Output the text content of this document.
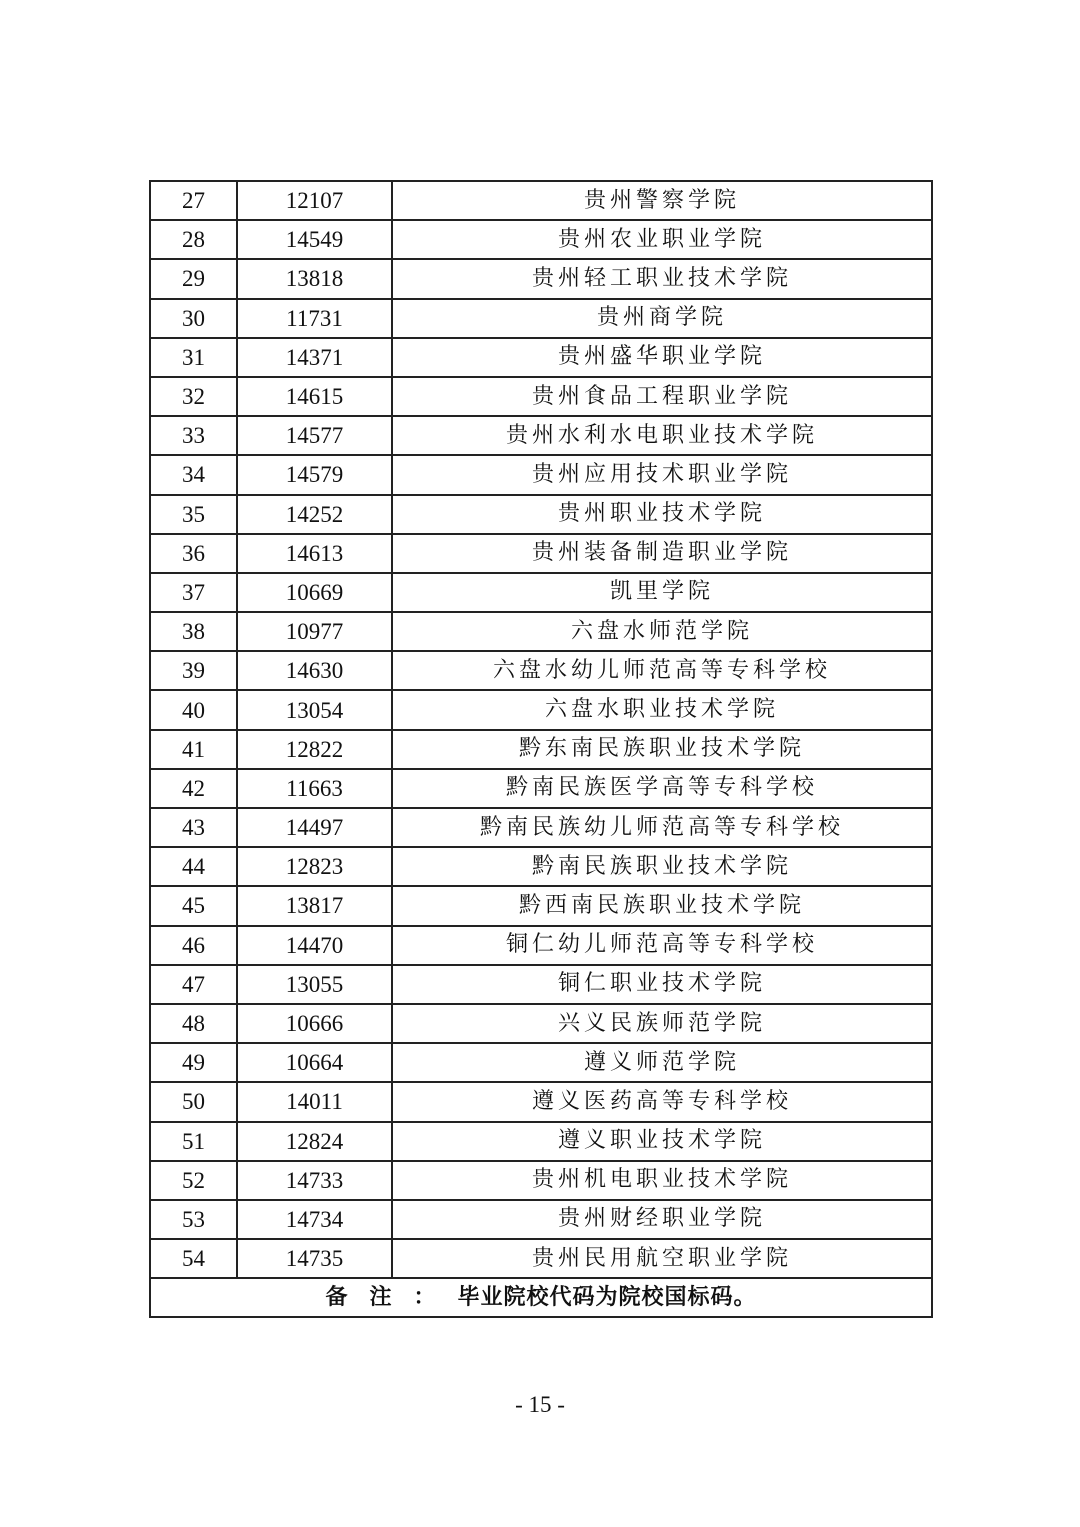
27	12107	贵州警察学院
28	14549	贵州农业职业学院
29	13818	贵州轻工职业技术学院
30	11731	贵州商学院
31	14371	贵州盛华职业学院
32	14615	贵州食品工程职业学院
33	14577	贵州水利水电职业技术学院
34	14579	贵州应用技术职业学院
35	14252	贵州职业技术学院
36	14613	贵州装备制造职业学院
37	10669	凯里学院
38	10977	六盘水师范学院
39	14630	六盘水幼儿师范高等专科学校
40	13054	六盘水职业技术学院
41	12822	黔东南民族职业技术学院
42	11663	黔南民族医学高等专科学校
43	14497	黔南民族幼儿师范高等专科学校
44	12823	黔南民族职业技术学院
45	13817	黔西南民族职业技术学院
46	14470	铜仁幼儿师范高等专科学校
47	13055	铜仁职业技术学院
48	10666	兴义民族师范学院
49	10664	遵义师范学院
50	14011	遵义医药高等专科学校
51	12824	遵义职业技术学院
52	14733	贵州机电职业技术学院
53	14734	贵州财经职业学院
54	14735	贵州民用航空职业学院
备注：毕业院校代码为院校国标码。		
- 15 -
